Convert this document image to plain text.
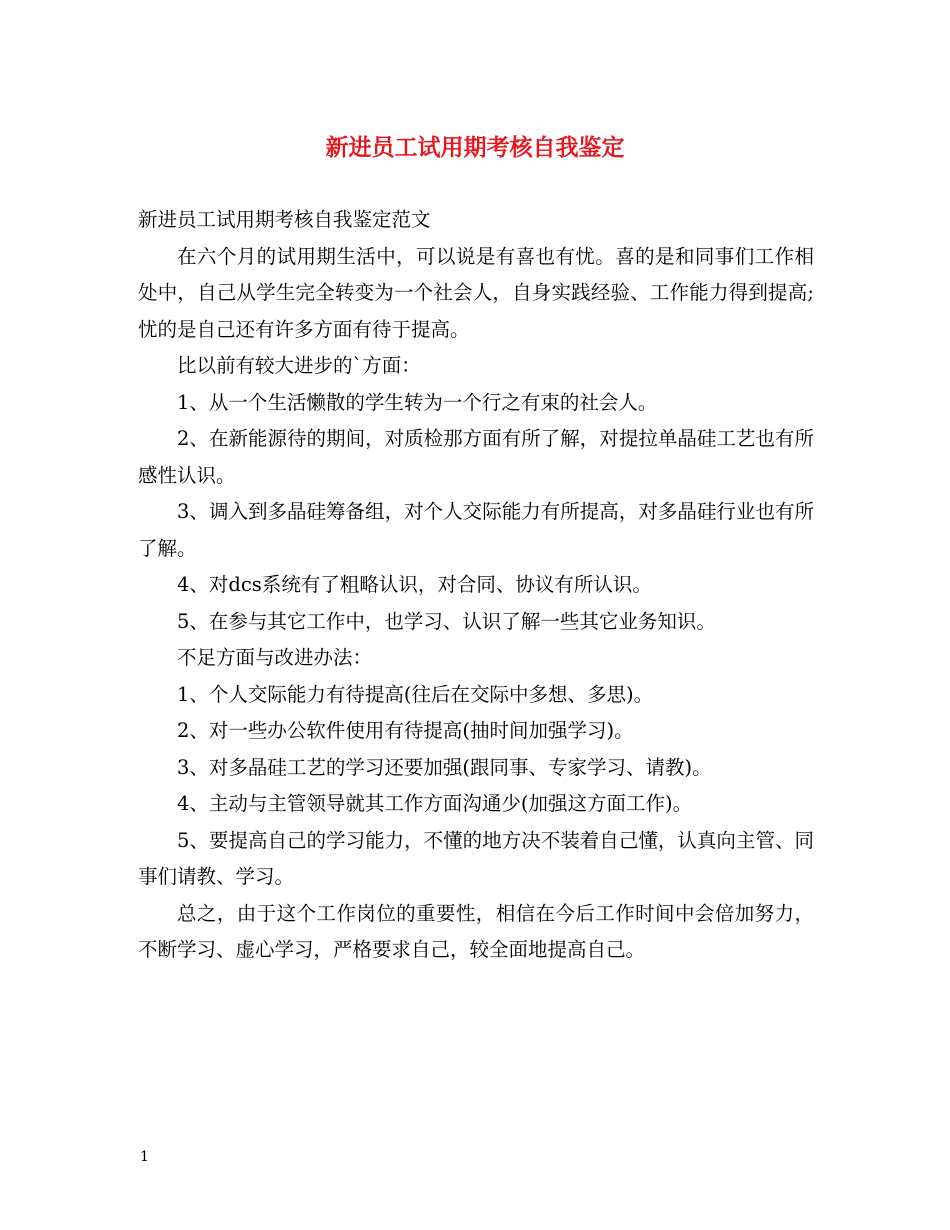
新进员工试用期考核自我鉴定

新进员工试用期考核自我鉴定范文

在六个月的试用期生活中，可以说是有喜也有忧。喜的是和同事们工作相处中，自己从学生完全转变为一个社会人，自身实践经验、工作能力得到提高;忧的是自己还有许多方面有待于提高。

比以前有较大进步的`方面：

1、从一个生活懒散的学生转为一个行之有束的社会人。

2、在新能源待的期间，对质检那方面有所了解，对提拉单晶硅工艺也有所感性认识。

3、调入到多晶硅筹备组，对个人交际能力有所提高，对多晶硅行业也有所了解。

4、对dcs系统有了粗略认识，对合同、协议有所认识。

5、在参与其它工作中，也学习、认识了解一些其它业务知识。

不足方面与改进办法：

1、个人交际能力有待提高(往后在交际中多想、多思)。

2、对一些办公软件使用有待提高(抽时间加强学习)。

3、对多晶硅工艺的学习还要加强(跟同事、专家学习、请教)。

4、主动与主管领导就其工作方面沟通少(加强这方面工作)。

5、要提高自己的学习能力，不懂的地方决不装着自己懂，认真向主管、同事们请教、学习。

总之，由于这个工作岗位的重要性，相信在今后工作时间中会倍加努力，不断学习、虚心学习，严格要求自己，较全面地提高自己。

1
